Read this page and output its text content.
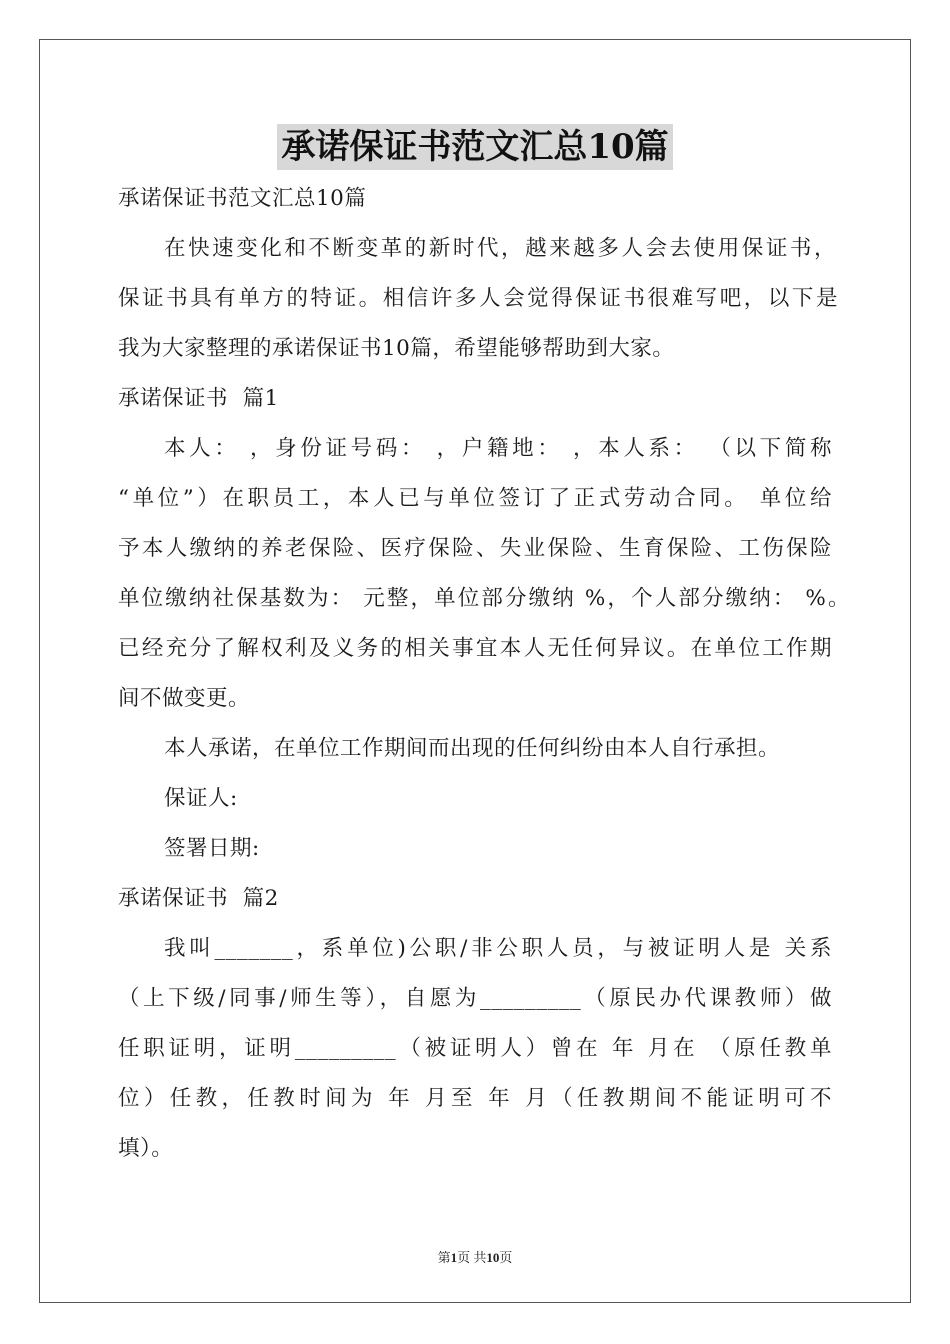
承诺保证书范文汇总10篇

承诺保证书范文汇总10篇

在快速变化和不断变革的新时代，越来越多人会去使用保证书，

保证书具有单方的特证。相信许多人会觉得保证书很难写吧，以下是

我为大家整理的承诺保证书10篇，希望能够帮助到大家。

承诺保证书  篇1

本人： ，身份证号码： ，户籍地： ，本人系： （以下简称

“单位”）在职员工，本人已与单位签订了正式劳动合同。 单位给

予本人缴纳的养老保险、医疗保险、失业保险、生育保险、工伤保险

单位缴纳社保基数为： 元整，单位部分缴纳 %，个人部分缴纳： %。

已经充分了解权利及义务的相关事宜本人无任何异议。在单位工作期

间不做变更。

本人承诺，在单位工作期间而出现的任何纠纷由本人自行承担。

保证人:

签署日期:

承诺保证书  篇2

我叫_______，系单位)公职/非公职人员，与被证明人是 关系

（上下级/同事/师生等），自愿为_________（原民办代课教师）做

任职证明，证明_________（被证明人）曾在 年 月在 （原任教单

位）任教，任教时间为 年 月至 年 月（任教期间不能证明可不

填）。

第1页 共10页
